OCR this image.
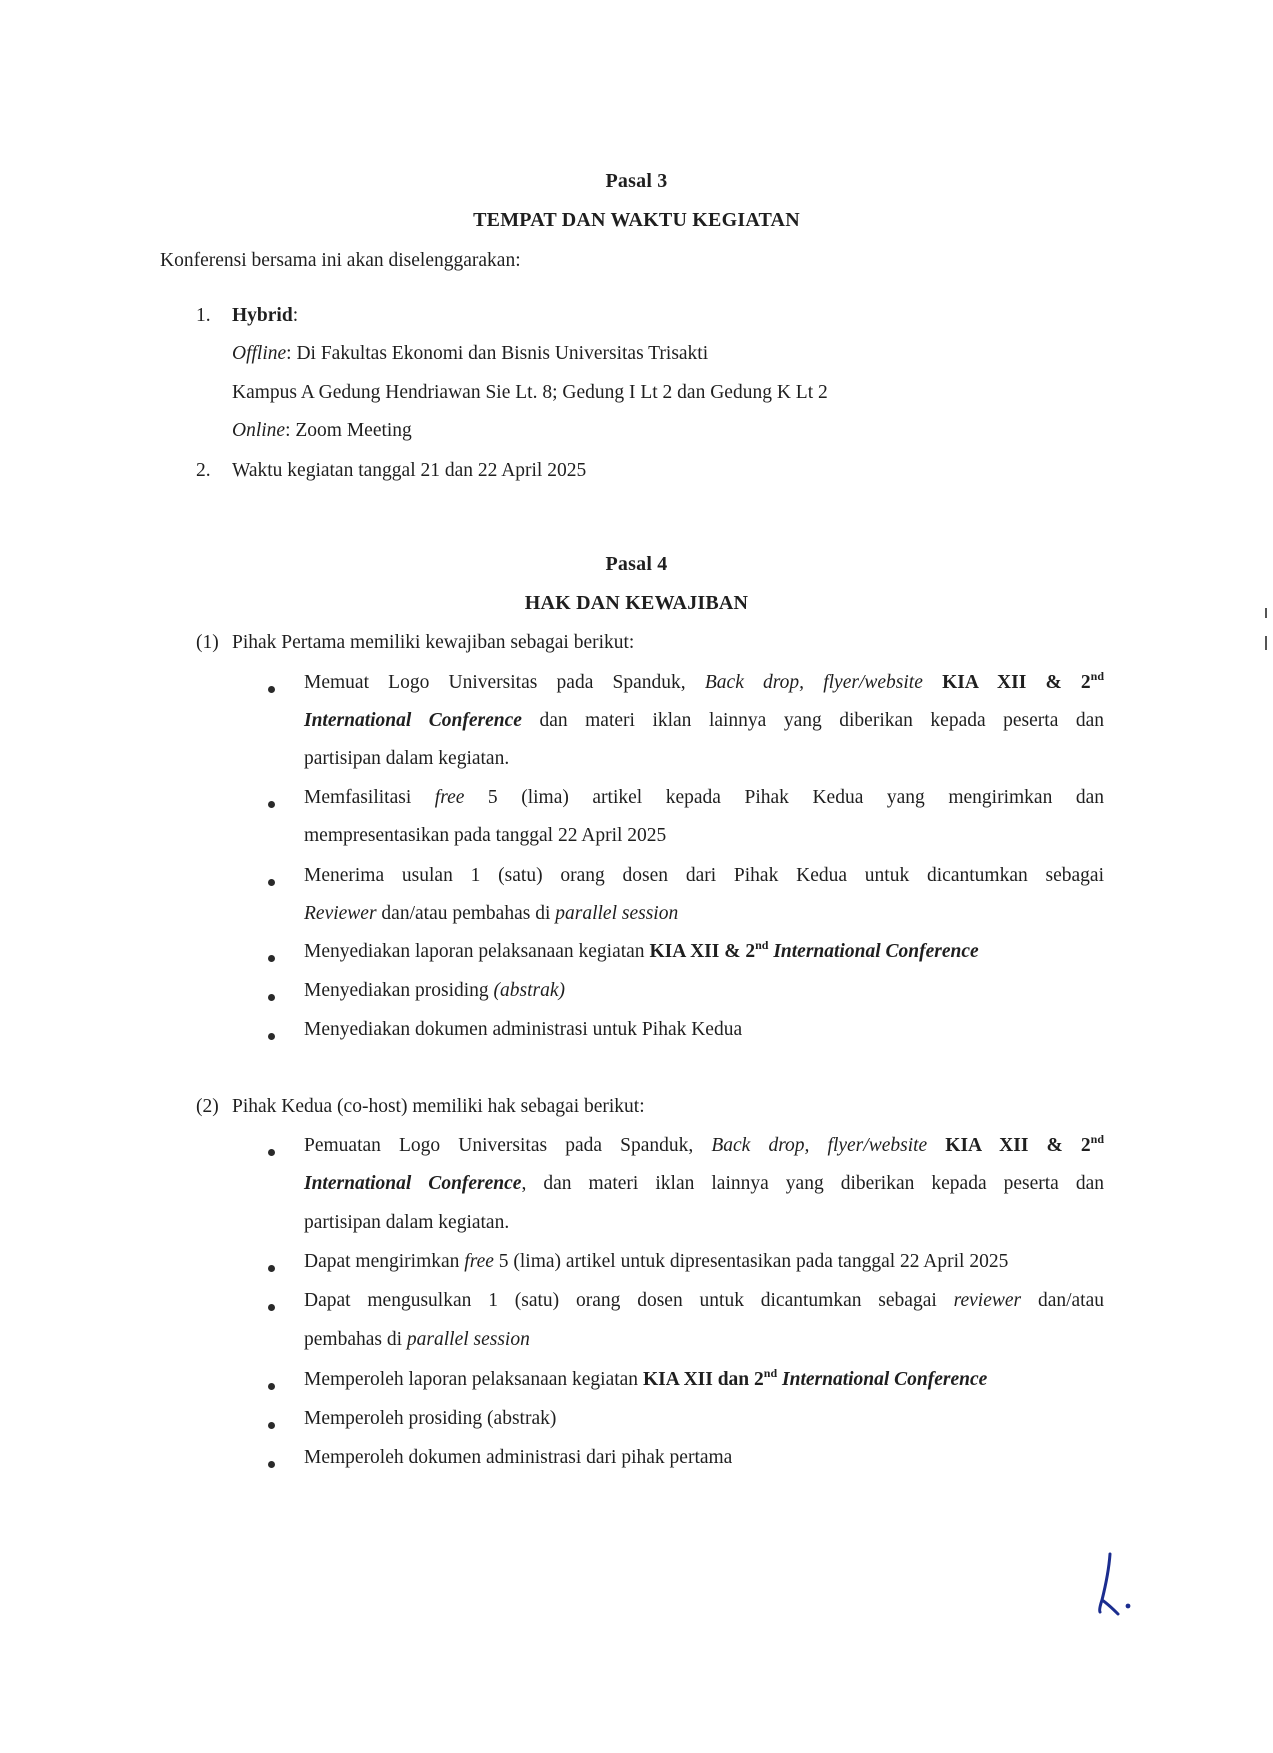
Pasal 3
TEMPAT DAN WAKTU KEGIATAN
Konferensi bersama ini akan diselenggarakan:
1. Hybrid:
Offline: Di Fakultas Ekonomi dan Bisnis Universitas Trisakti
Kampus A Gedung Hendriawan Sie Lt. 8; Gedung I Lt 2 dan Gedung K Lt 2
Online: Zoom Meeting
2. Waktu kegiatan tanggal 21 dan 22 April 2025
Pasal 4
HAK DAN KEWAJIBAN
(1) Pihak Pertama memiliki kewajiban sebagai berikut:
Memuat Logo Universitas pada Spanduk, Back drop, flyer/website KIA XII & 2nd
International Conference dan materi iklan lainnya yang diberikan kepada peserta dan
partisipan dalam kegiatan.
Memfasilitasi free 5 (lima) artikel kepada Pihak Kedua yang mengirimkan dan
mempresentasikan pada tanggal 22 April 2025
Menerima usulan 1 (satu) orang dosen dari Pihak Kedua untuk dicantumkan sebagai
Reviewer dan/atau pembahas di parallel session
Menyediakan laporan pelaksanaan kegiatan KIA XII & 2nd International Conference
Menyediakan prosiding (abstrak)
Menyediakan dokumen administrasi untuk Pihak Kedua
(2) Pihak Kedua (co-host) memiliki hak sebagai berikut:
Pemuatan Logo Universitas pada Spanduk, Back drop, flyer/website KIA XII & 2nd
International Conference, dan materi iklan lainnya yang diberikan kepada peserta dan
partisipan dalam kegiatan.
Dapat mengirimkan free 5 (lima) artikel untuk dipresentasikan pada tanggal 22 April 2025
Dapat mengusulkan 1 (satu) orang dosen untuk dicantumkan sebagai reviewer dan/atau
pembahas di parallel session
Memperoleh laporan pelaksanaan kegiatan KIA XII dan 2nd International Conference
Memperoleh prosiding (abstrak)
Memperoleh dokumen administrasi dari pihak pertama
